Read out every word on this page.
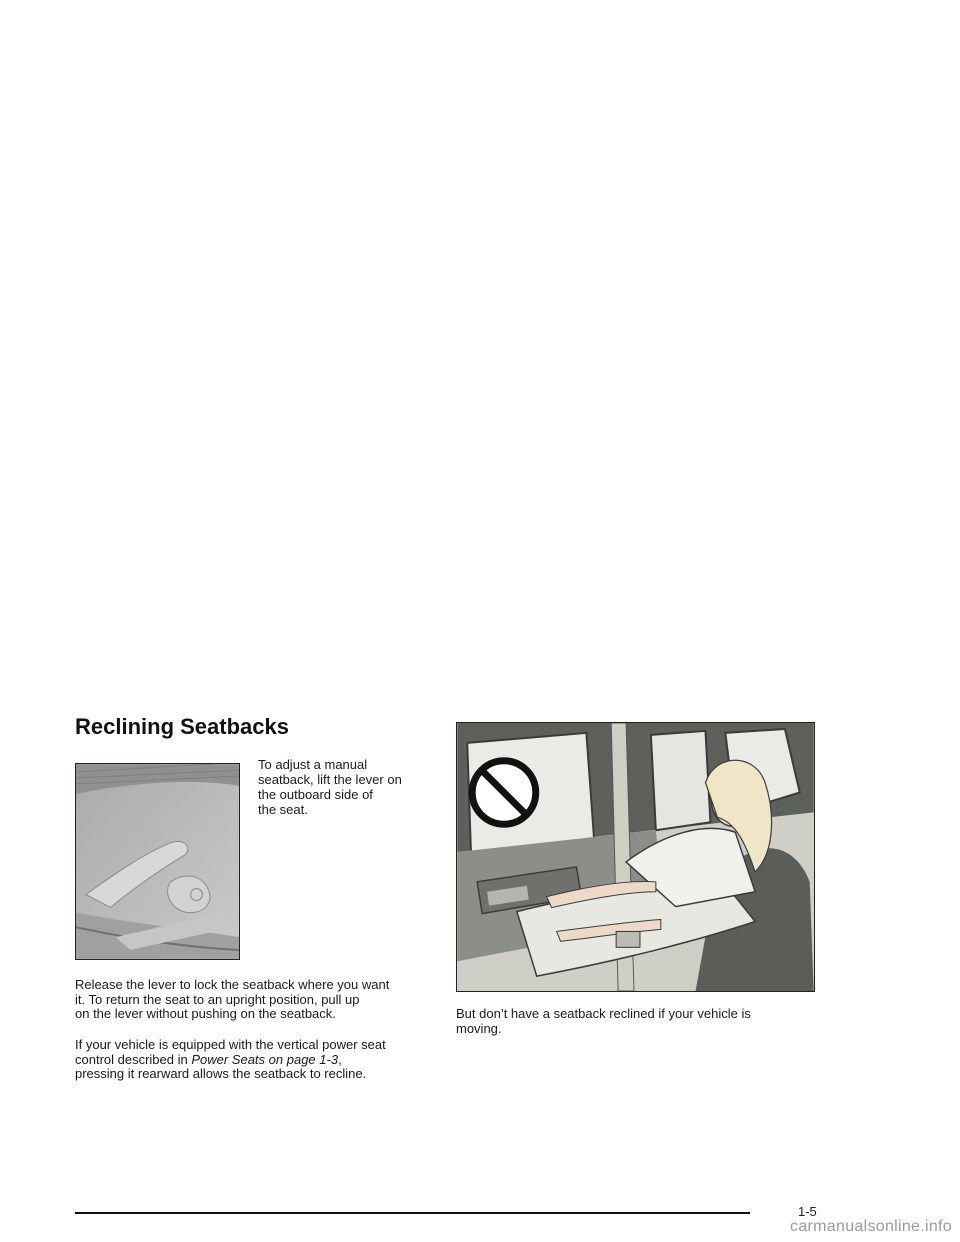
Reclining Seatbacks

To adjust a manual
seatback, lift the lever on
the outboard side of
the seat.

Release the lever to lock the seatback where you want
it. To return the seat to an upright position, pull up
on the lever without pushing on the seatback.

If your vehicle is equipped with the vertical power seat
control described in Power Seats on page 1-3,
pressing it rearward allows the seatback to recline.

But don’t have a seatback reclined if your vehicle is
moving.

1-5
carmanualsonline.info
